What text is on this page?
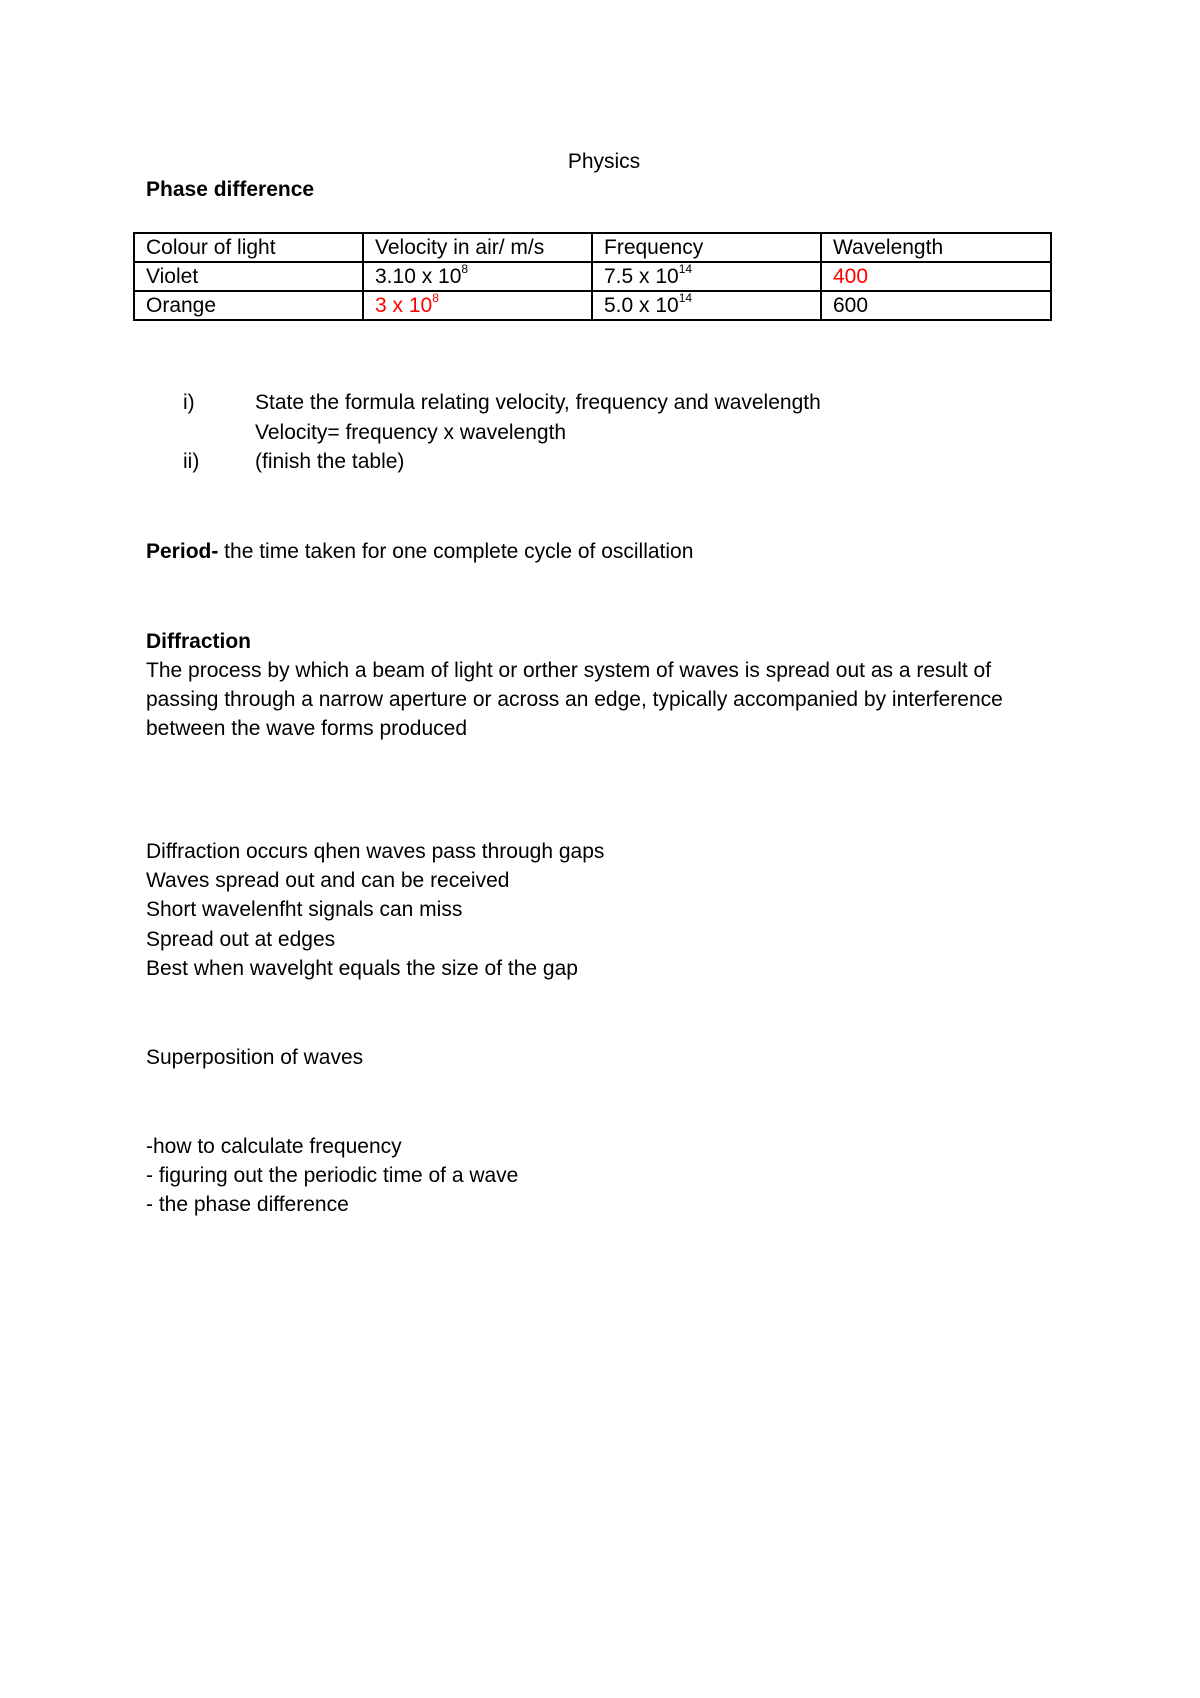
Physics
Phase difference
Colour of light	Velocity in air/ m/s	Frequency	Wavelength
Violet	3.10 x $10^8$	7.5 x $10^{14}$	400
Orange	3 x $10^8$	5.0 x $10^{14}$	600
i)	State the formula relating velocity, frequency and wavelength
Velocity= frequency x wavelength
ii)	(finish the table)
Period- the time taken for one complete cycle of oscillation
Diffraction

The process by which a beam of light or orther system of waves is spread out as a result of passing through a narrow aperture or across an edge, typically accompanied by interference between the wave forms produced

Diffraction occurs qhen waves pass through gaps
Waves spread out and can be received
Short wavelenfht signals can miss
Spread out at edges
Best when wavelght equals the size of the gap
Superposition of waves
-how to calculate frequency
- figuring out the periodic time of a wave
- the phase difference
